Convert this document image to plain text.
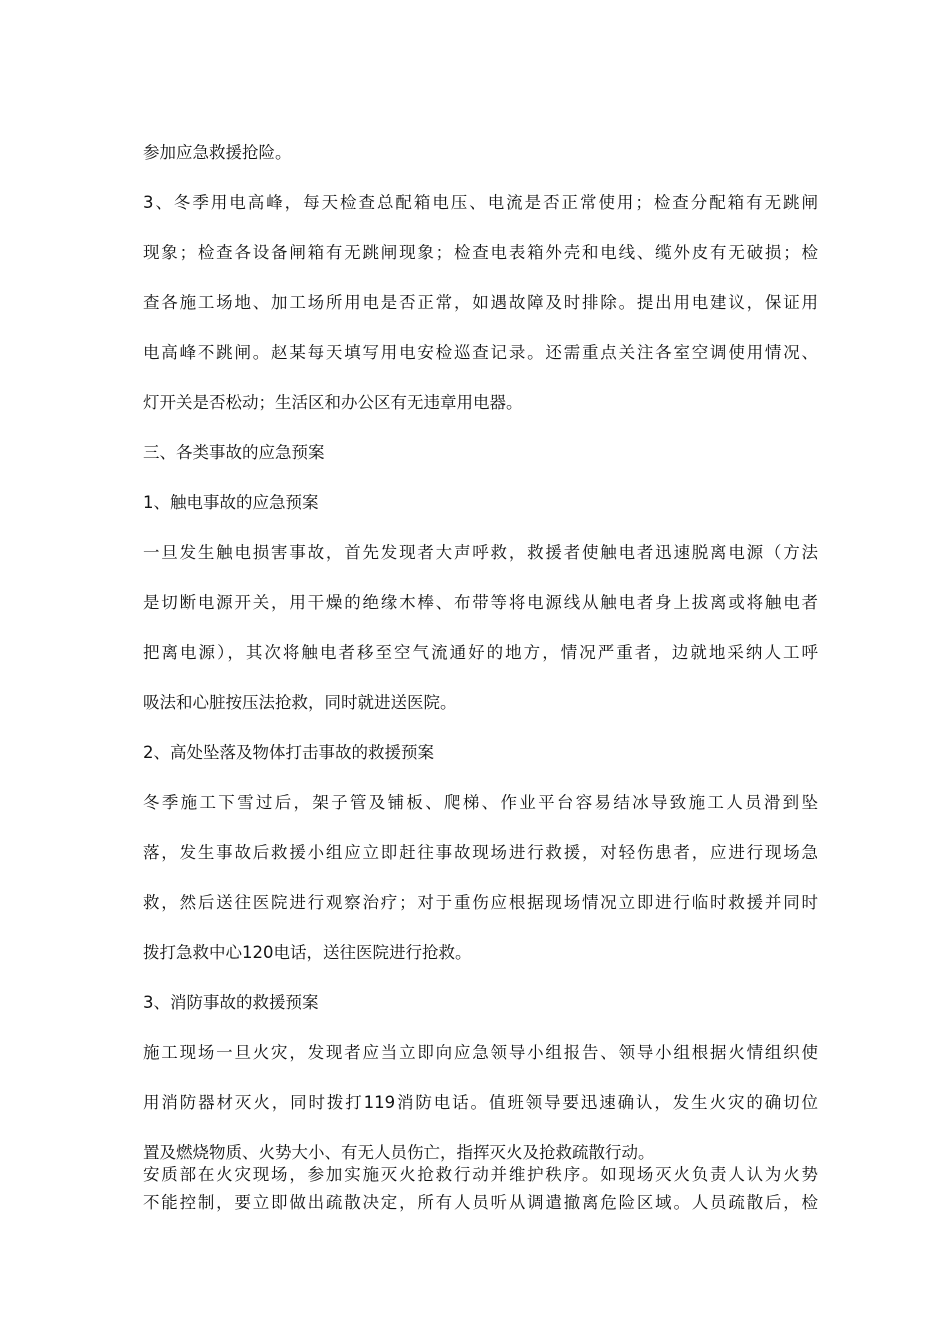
参加应急救援抢险。
3、冬季用电高峰，每天检查总配箱电压、电流是否正常使用；检查分配箱有无跳闸
现象；检查各设备闸箱有无跳闸现象；检查电表箱外壳和电线、缆外皮有无破损；检
查各施工场地、加工场所用电是否正常，如遇故障及时排除。提出用电建议，保证用
电高峰不跳闸。赵某每天填写用电安检巡查记录。还需重点关注各室空调使用情况、
灯开关是否松动；生活区和办公区有无违章用电器。
三、各类事故的应急预案
1、触电事故的应急预案
一旦发生触电损害事故，首先发现者大声呼救，救援者使触电者迅速脱离电源（方法
是切断电源开关，用干燥的绝缘木棒、布带等将电源线从触电者身上拔离或将触电者
把离电源），其次将触电者移至空气流通好的地方，情况严重者，边就地采纳人工呼
吸法和心脏按压法抢救，同时就进送医院。
2、高处坠落及物体打击事故的救援预案
冬季施工下雪过后，架子管及铺板、爬梯、作业平台容易结冰导致施工人员滑到坠
落，发生事故后救援小组应立即赶往事故现场进行救援，对轻伤患者，应进行现场急
救，然后送往医院进行观察治疗；对于重伤应根据现场情况立即进行临时救援并同时
拨打急救中心120电话，送往医院进行抢救。
3、消防事故的救援预案
施工现场一旦火灾，发现者应当立即向应急领导小组报告、领导小组根据火情组织使
用消防器材灭火，同时拨打119消防电话。值班领导要迅速确认，发生火灾的确切位
置及燃烧物质、火势大小、有无人员伤亡，指挥灭火及抢救疏散行动。
安质部在火灾现场，参加实施灭火抢救行动并维护秩序。如现场灭火负责人认为火势
不能控制，要立即做出疏散决定，所有人员听从调遣撤离危险区域。人员疏散后，检
